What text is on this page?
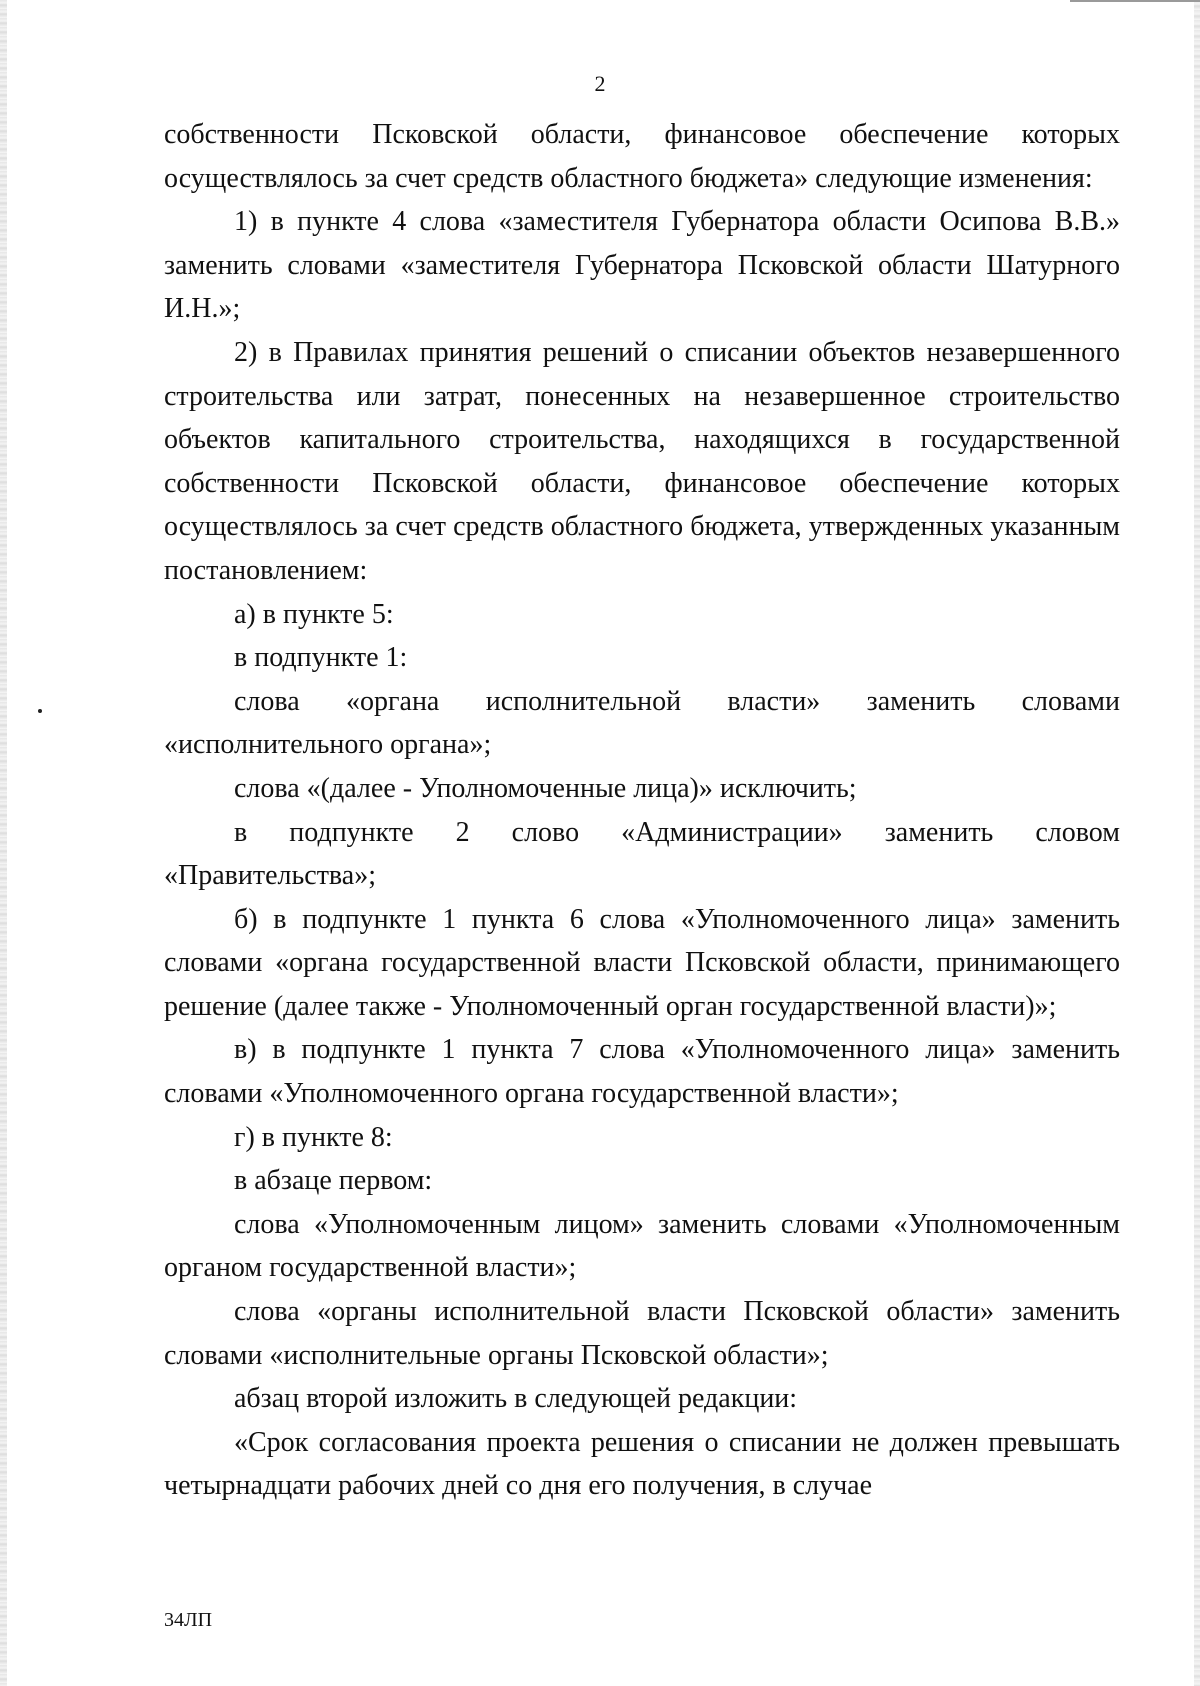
2

собственности Псковской области, финансовое обеспечение которых осуществлялось за счет средств областного бюджета» следующие изменения:

1) в пункте 4 слова «заместителя Губернатора области Осипова В.В.» заменить словами «заместителя Губернатора Псковской области Шатурного И.Н.»;

2) в Правилах принятия решений о списании объектов незавершенного строительства или затрат, понесенных на незавершенное строительство объектов капитального строительства, находящихся в государственной собственности Псковской области, финансовое обеспечение которых осуществлялось за счет средств областного бюджета, утвержденных указанным постановлением:

а) в пункте 5:

в подпункте 1:

слова «органа исполнительной власти» заменить словами «исполнительного органа»;

слова «(далее - Уполномоченные лица)» исключить;

в подпункте 2 слово «Администрации» заменить словом «Правительства»;

б) в подпункте 1 пункта 6 слова «Уполномоченного лица» заменить словами «органа государственной власти Псковской области, принимающего решение (далее также - Уполномоченный орган государственной власти)»;

в) в подпункте 1 пункта 7 слова «Уполномоченного лица» заменить словами «Уполномоченного органа государственной власти»;

г) в пункте 8:

в абзаце первом:

слова «Уполномоченным лицом» заменить словами «Уполномоченным органом государственной власти»;

слова «органы исполнительной власти Псковской области» заменить словами «исполнительные органы Псковской области»;

абзац второй изложить в следующей редакции:

«Срок согласования проекта решения о списании не должен превышать четырнадцати рабочих дней со дня его получения, в случае

34ЛП
